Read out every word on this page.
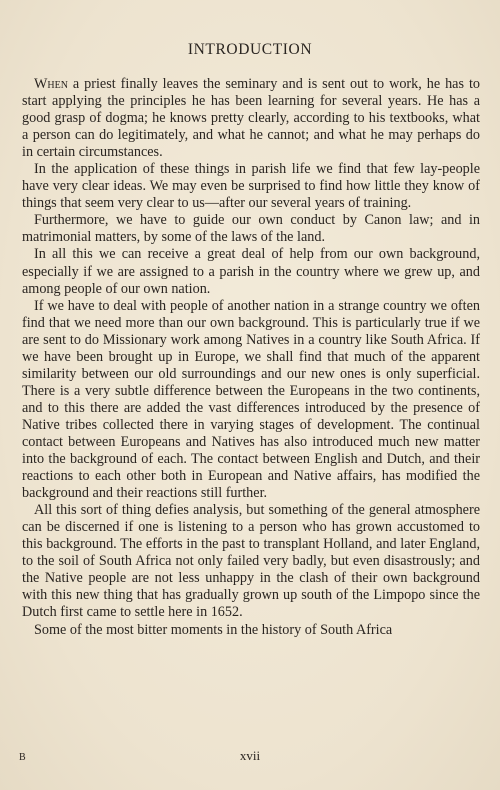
INTRODUCTION

When a priest finally leaves the seminary and is sent out to work, he has to start applying the principles he has been learning for several years. He has a good grasp of dogma; he knows pretty clearly, according to his textbooks, what a person can do legitimately, and what he cannot; and what he may perhaps do in certain circumstances.

In the application of these things in parish life we find that few lay-people have very clear ideas. We may even be surprised to find how little they know of things that seem very clear to us—after our several years of training.

Furthermore, we have to guide our own conduct by Canon law; and in matrimonial matters, by some of the laws of the land.

In all this we can receive a great deal of help from our own background, especially if we are assigned to a parish in the country where we grew up, and among people of our own nation.

If we have to deal with people of another nation in a strange country we often find that we need more than our own background. This is particularly true if we are sent to do Missionary work among Natives in a country like South Africa. If we have been brought up in Europe, we shall find that much of the apparent similarity between our old surroundings and our new ones is only superficial. There is a very subtle difference between the Europeans in the two continents, and to this there are added the vast differences introduced by the presence of Native tribes collected there in varying stages of development. The continual contact between Europeans and Natives has also introduced much new matter into the background of each. The contact between English and Dutch, and their reactions to each other both in European and Native affairs, has modified the background and their reactions still further.

All this sort of thing defies analysis, but something of the general atmosphere can be discerned if one is listening to a person who has grown accustomed to this background. The efforts in the past to transplant Holland, and later England, to the soil of South Africa not only failed very badly, but even disastrously; and the Native people are not less unhappy in the clash of their own background with this new thing that has gradually grown up south of the Limpopo since the Dutch first came to settle here in 1652.

Some of the most bitter moments in the history of South Africa

B	xvii
